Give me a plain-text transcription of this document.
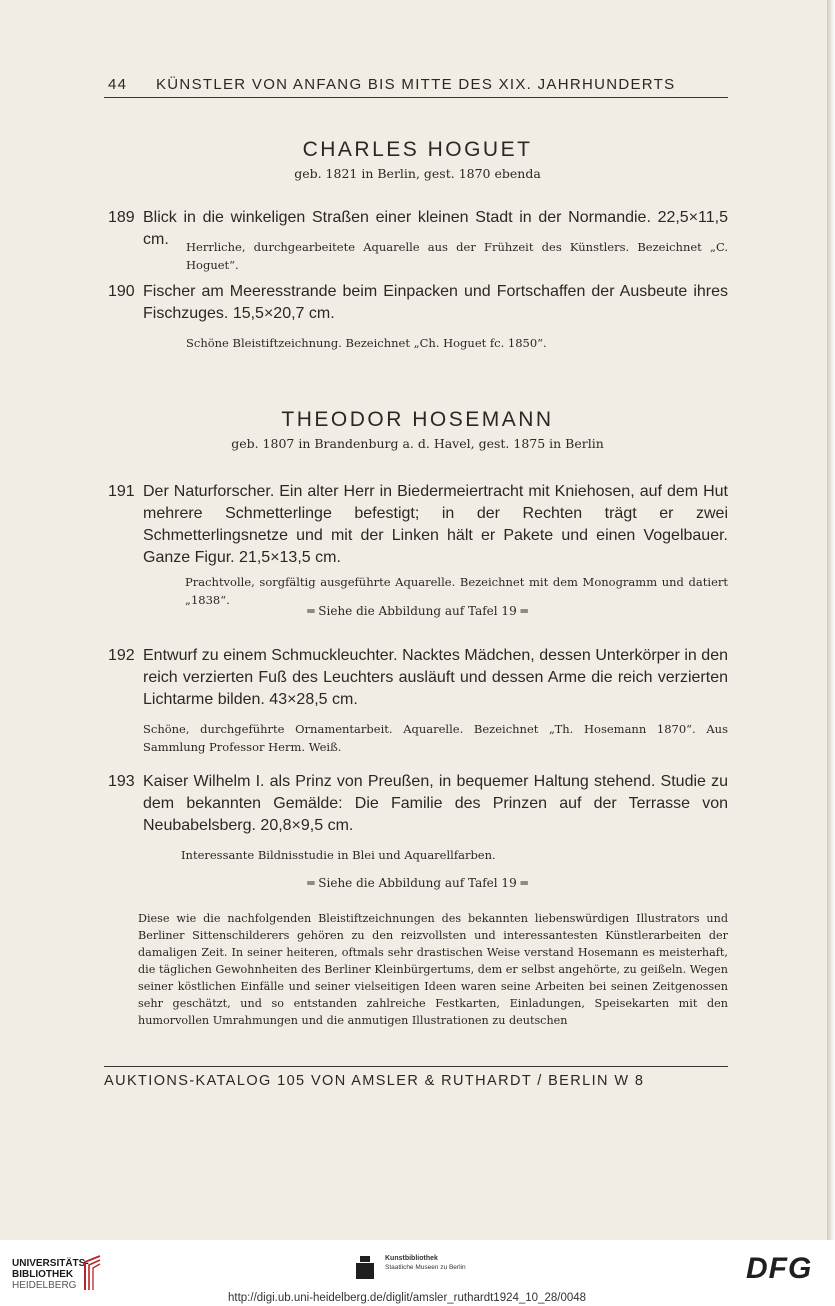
44 KÜNSTLER VON ANFANG BIS MITTE DES XIX. JAHRHUNDERTS
CHARLES HOGUET
geb. 1821 in Berlin, gest. 1870 ebenda
189 Blick in die winkeligen Straßen einer kleinen Stadt in der Normandie. 22,5×11,5 cm.	Herrliche, durchgearbeitete Aquarelle aus der Frühzeit des Künstlers. Bezeichnet „C. Hoguet“.
190 Fischer am Meeresstrande beim Einpacken und Fortschaffen der Ausbeute ihres Fischzuges. 15,5×20,7 cm.
Schöne Bleistiftzeichnung. Bezeichnet „Ch. Hoguet fc. 1850“.
THEODOR HOSEMANN
geb. 1807 in Brandenburg a. d. Havel, gest. 1875 in Berlin
191 Der Naturforscher. Ein alter Herr in Biedermeiertracht mit Kniehosen, auf dem Hut mehrere Schmetterlinge befestigt; in der Rechten trägt er zwei Schmetterlingsnetze und mit der Linken hält er Pakete und einen Vogelbauer. Ganze Figur. 21,5×13,5 cm.
Prachtvolle, sorgfältig ausgeführte Aquarelle. Bezeichnet mit dem Monogramm und datiert „1838“.
═ Siehe die Abbildung auf Tafel 19 ═
192 Entwurf zu einem Schmuckleuchter. Nacktes Mädchen, dessen Unterkörper in den reich verzierten Fuß des Leuchters ausläuft und dessen Arme die reich verzierten Lichtarme bilden. 43×28,5 cm.
Schöne, durchgeführte Ornamentarbeit. Aquarelle. Bezeichnet „Th. Hosemann 1870“. Aus Sammlung Professor Herm. Weiß.
193 Kaiser Wilhelm I. als Prinz von Preußen, in bequemer Haltung stehend. Studie zu dem bekannten Gemälde: Die Familie des Prinzen auf der Terrasse von Neubabelsberg. 20,8×9,5 cm.
Interessante Bildnisstudie in Blei und Aquarellfarben.
═ Siehe die Abbildung auf Tafel 19 ═
Diese wie die nachfolgenden Bleistiftzeichnungen des bekannten liebenswürdigen Illustrators und Berliner Sittenschilderers gehören zu den reizvollsten und interessantesten Künstlerarbeiten der damaligen Zeit. In seiner heiteren, oftmals sehr drastischen Weise verstand Hosemann es meisterhaft, die täglichen Gewohnheiten des Berliner Kleinbürgertums, dem er selbst angehörte, zu geißeln. Wegen seiner köstlichen Einfälle und seiner vielseitigen Ideen waren seine Arbeiten bei seinen Zeitgenossen sehr geschätzt, und so entstanden zahlreiche Festkarten, Einladungen, Speisekarten mit den humorvollen Umrahmungen und die anmutigen Illustrationen zu deutschen
AUKTIONS-KATALOG 105 VON AMSLER & RUTHARDT / BERLIN W 8
UNIVERSITÄTS-
BIBLIOTHEK
HEIDELBERG
Kunstbibliothek
Staatliche Museen zu Berlin	DFG
http://digi.ub.uni-heidelberg.de/diglit/amsler_ruthardt1924_10_28/0048
